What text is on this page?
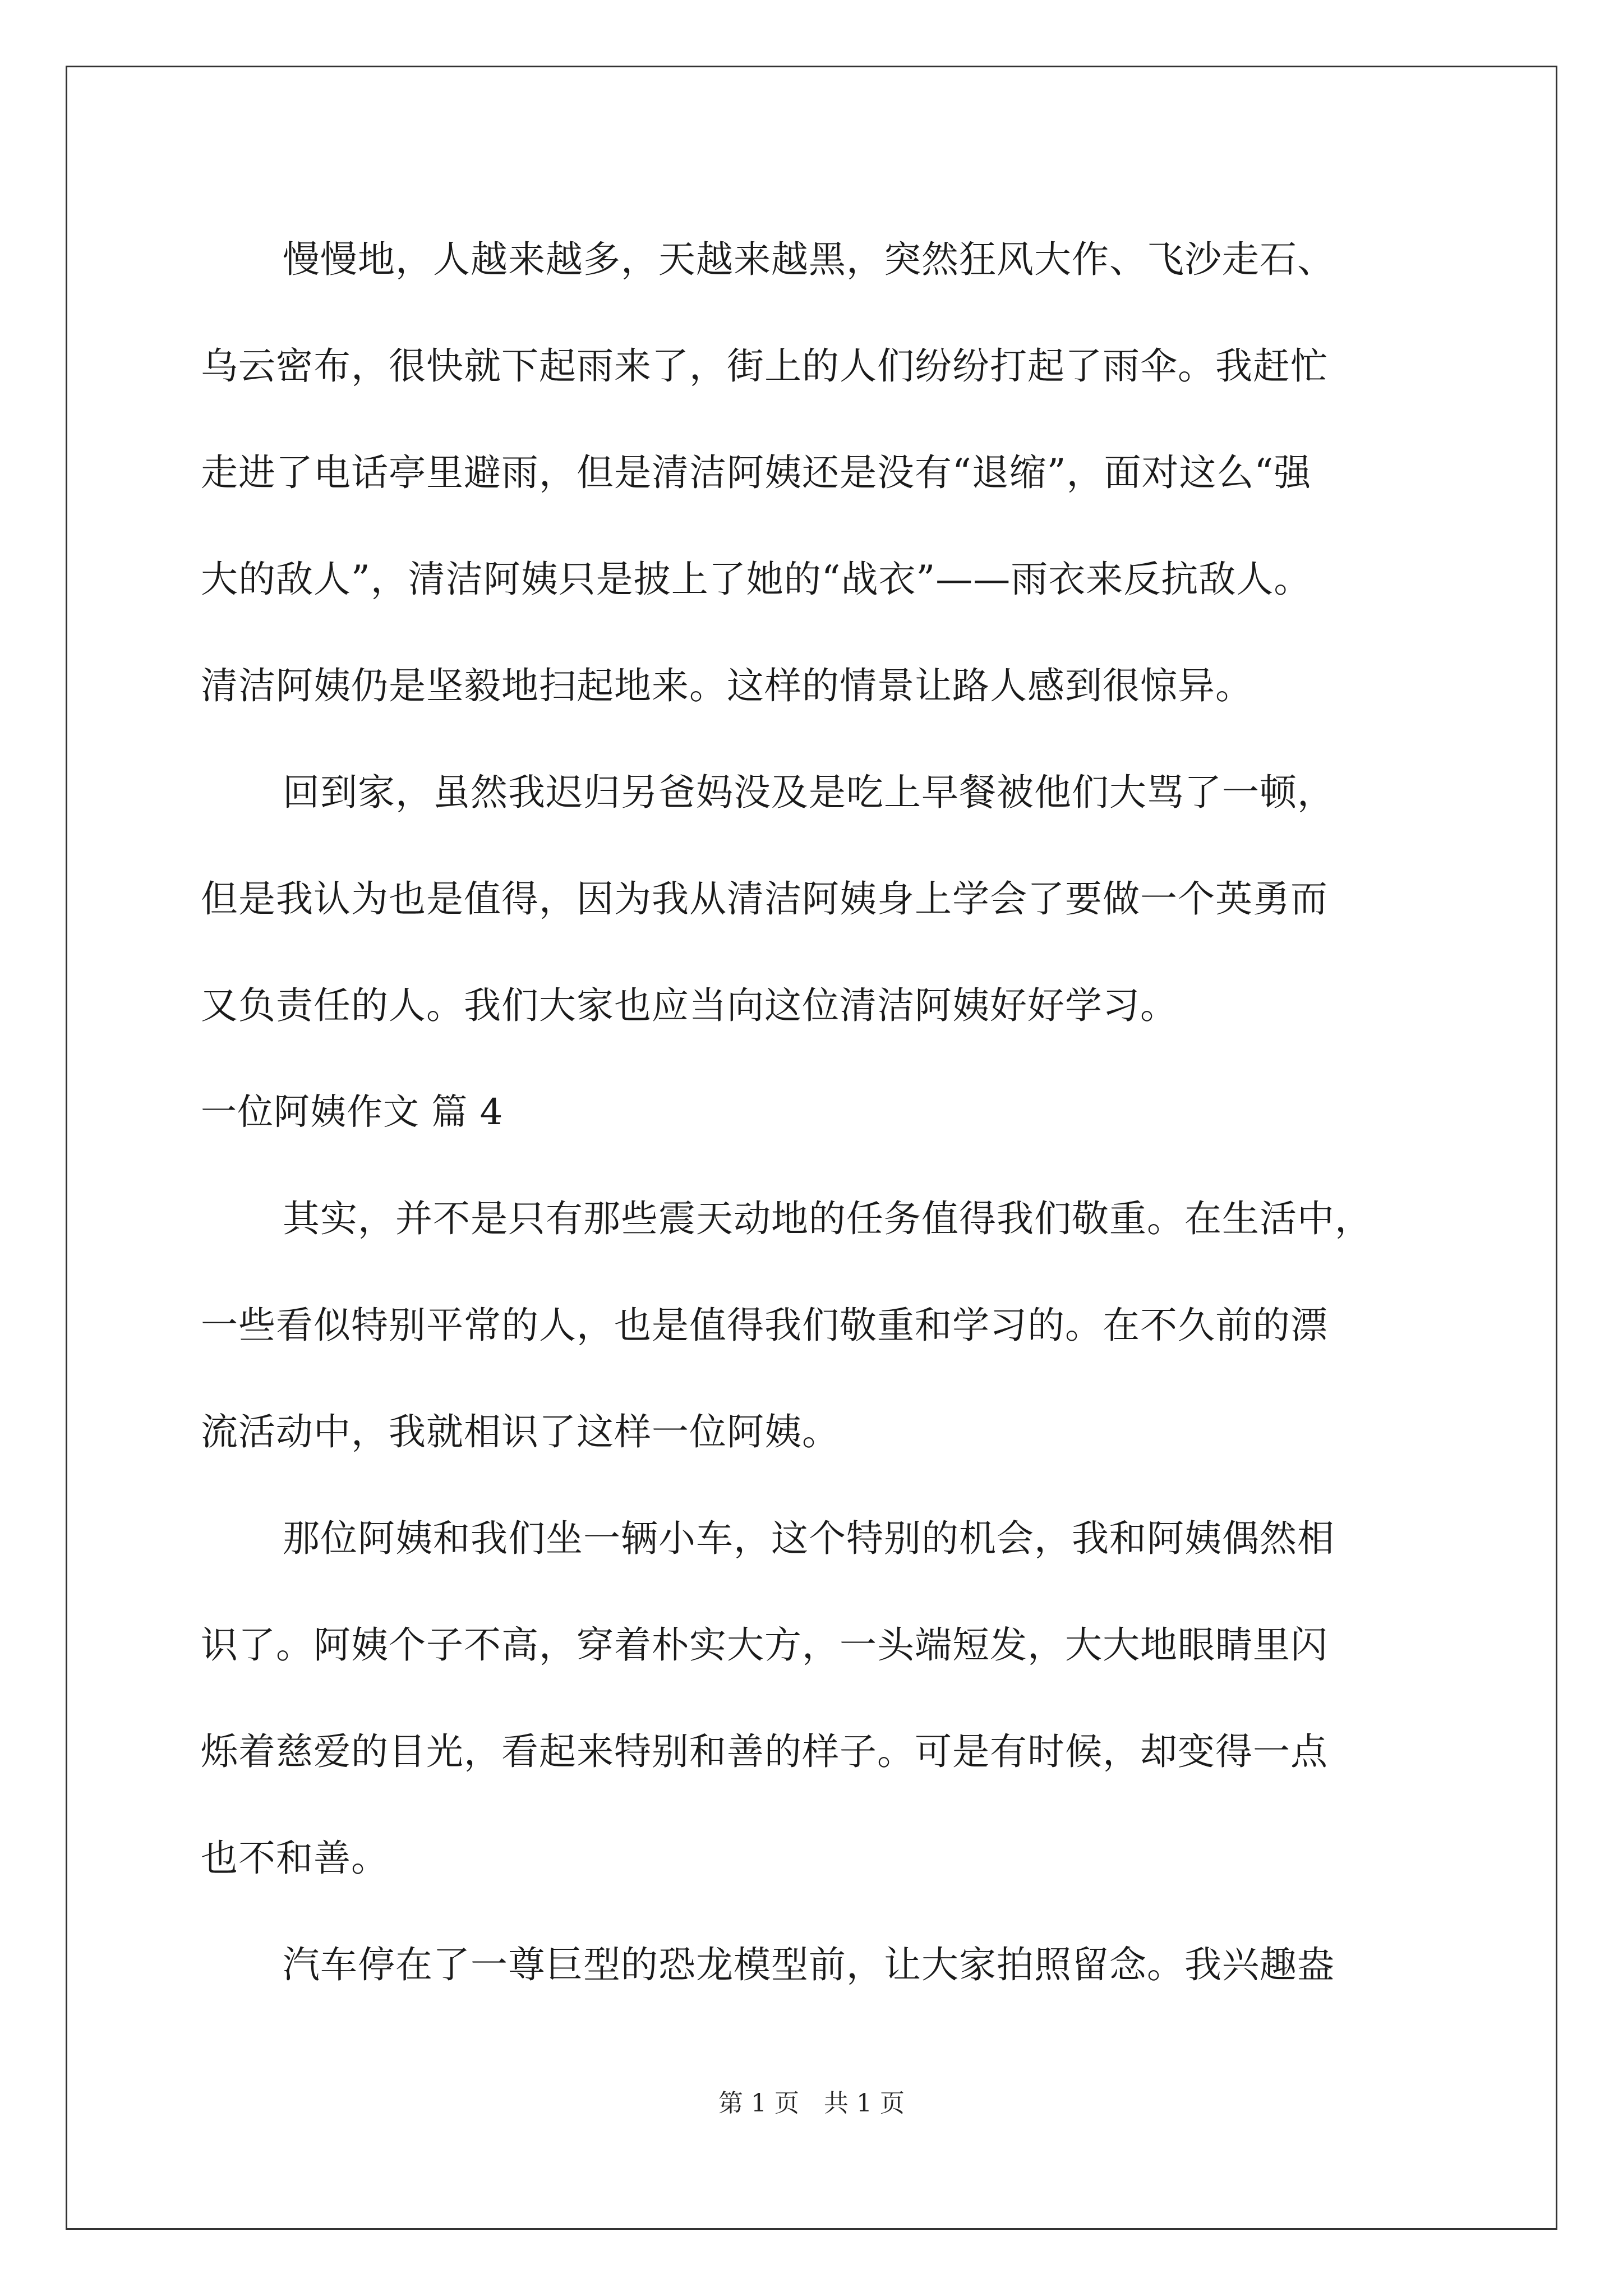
慢慢地，人越来越多，天越来越黑，突然狂风大作、飞沙走石、
乌云密布，很快就下起雨来了，街上的人们纷纷打起了雨伞。我赶忙
走进了电话亭里避雨，但是清洁阿姨还是没有“退缩”，面对这么“强
大的敌人”，清洁阿姨只是披上了她的“战衣”——雨衣来反抗敌人。
清洁阿姨仍是坚毅地扫起地来。这样的情景让路人感到很惊异。
回到家，虽然我迟归另爸妈没及是吃上早餐被他们大骂了一顿，
但是我认为也是值得，因为我从清洁阿姨身上学会了要做一个英勇而
又负责任的人。我们大家也应当向这位清洁阿姨好好学习。
一位阿姨作文 篇 4
其实，并不是只有那些震天动地的任务值得我们敬重。在生活中，
一些看似特别平常的人，也是值得我们敬重和学习的。在不久前的漂
流活动中，我就相识了这样一位阿姨。
那位阿姨和我们坐一辆小车，这个特别的机会，我和阿姨偶然相
识了。阿姨个子不高，穿着朴实大方，一头端短发，大大地眼睛里闪
烁着慈爱的目光，看起来特别和善的样子。可是有时候，却变得一点
也不和善。
汽车停在了一尊巨型的恐龙模型前，让大家拍照留念。我兴趣盎
第 1 页　共 1 页
